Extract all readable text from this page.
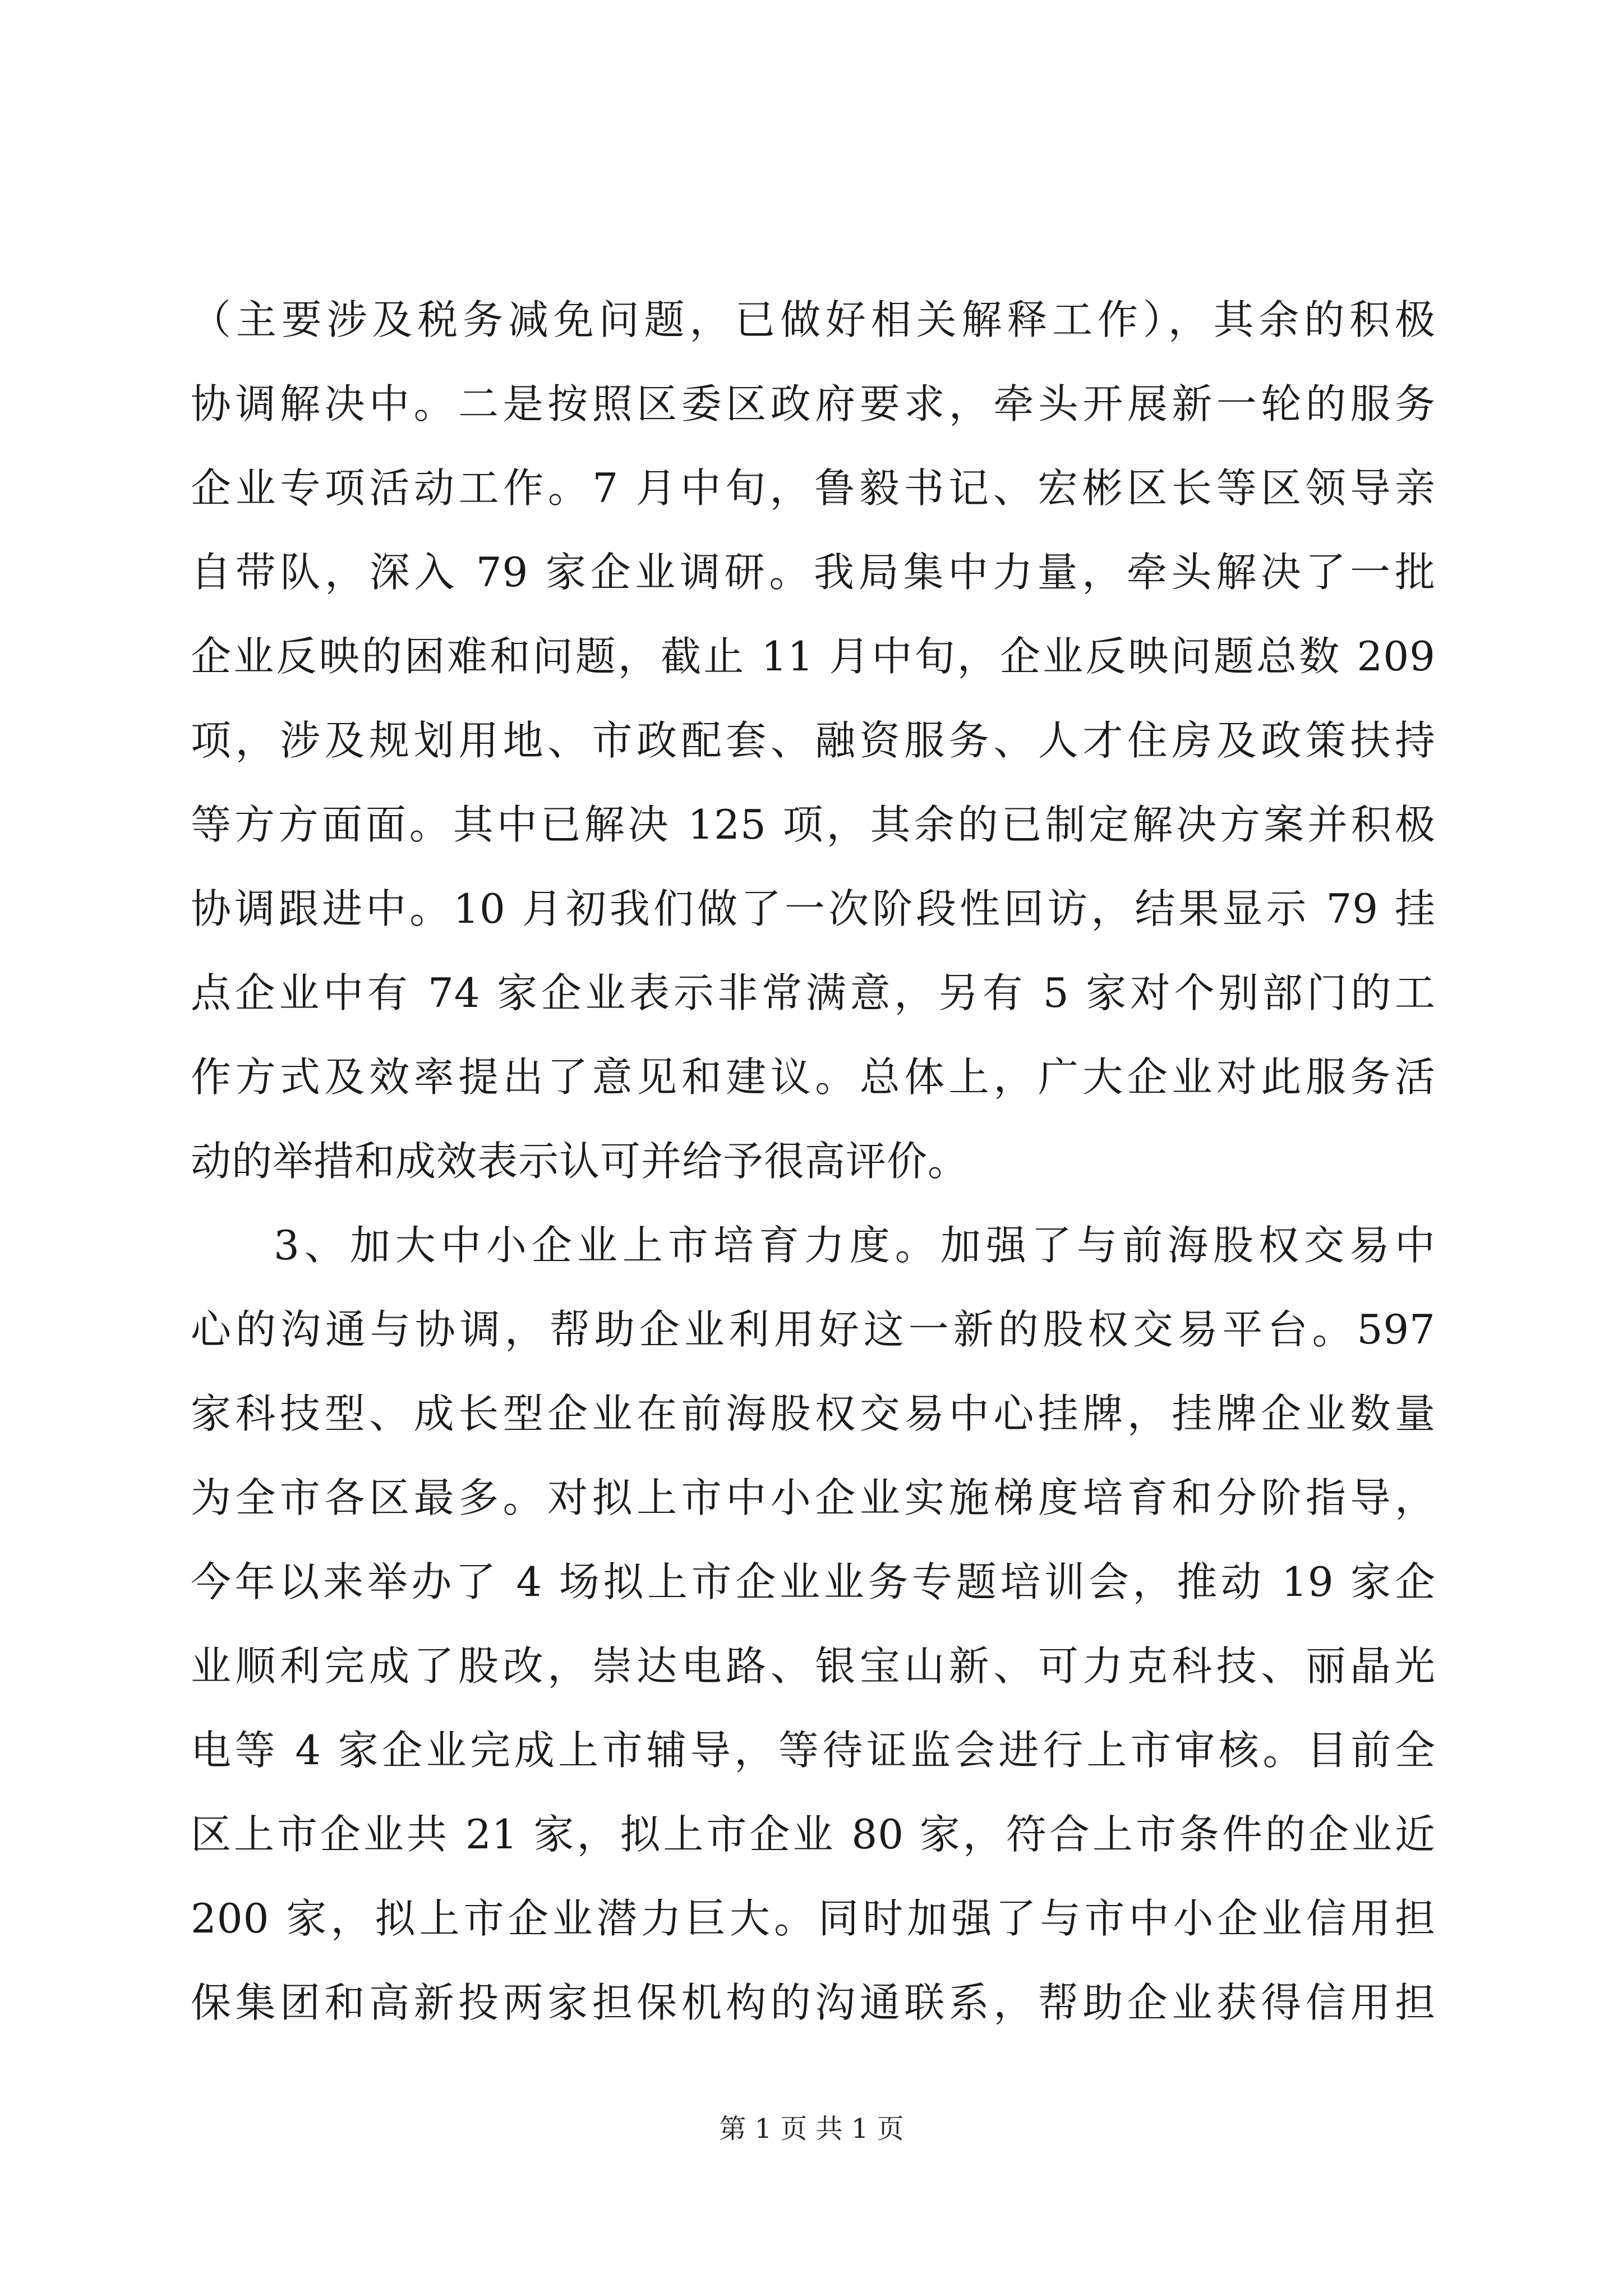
（主要涉及税务减免问题，已做好相关解释工作），其余的积极
协调解决中。二是按照区委区政府要求，牵头开展新一轮的服务
企业专项活动工作。7 月中旬，鲁毅书记、宏彬区长等区领导亲
自带队，深入 79 家企业调研。我局集中力量，牵头解决了一批
企业反映的困难和问题，截止 11 月中旬，企业反映问题总数 209
项，涉及规划用地、市政配套、融资服务、人才住房及政策扶持
等方方面面。其中已解决 125 项，其余的已制定解决方案并积极
协调跟进中。10 月初我们做了一次阶段性回访，结果显示 79 挂
点企业中有 74 家企业表示非常满意，另有 5 家对个别部门的工
作方式及效率提出了意见和建议。总体上，广大企业对此服务活
动的举措和成效表示认可并给予很高评价。
3、加大中小企业上市培育力度。加强了与前海股权交易中
心的沟通与协调，帮助企业利用好这一新的股权交易平台。597
家科技型、成长型企业在前海股权交易中心挂牌，挂牌企业数量
为全市各区最多。对拟上市中小企业实施梯度培育和分阶指导，
今年以来举办了 4 场拟上市企业业务专题培训会，推动 19 家企
业顺利完成了股改，崇达电路、银宝山新、可力克科技、丽晶光
电等 4 家企业完成上市辅导，等待证监会进行上市审核。目前全
区上市企业共 21 家，拟上市企业 80 家，符合上市条件的企业近
200 家，拟上市企业潜力巨大。同时加强了与市中小企业信用担
保集团和高新投两家担保机构的沟通联系，帮助企业获得信用担
第 1 页 共 1 页
